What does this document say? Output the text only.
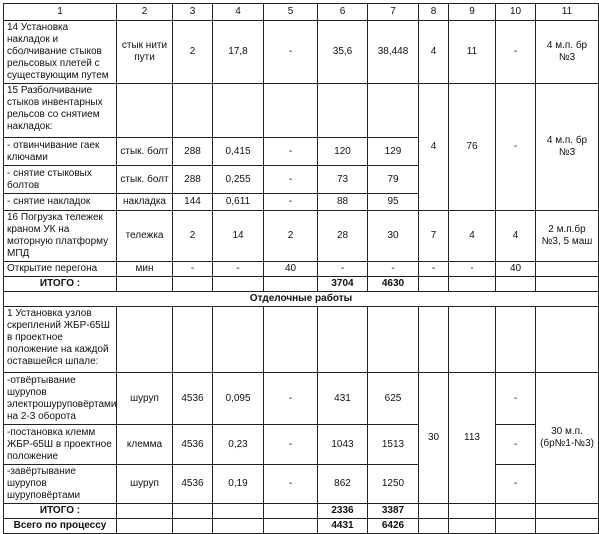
1	2	3	4	5	6	7	8	9	10	11
14 Установка накладок и сболчивание стыков рельсовых плетей с существующим путем	стык нити пути	2	17,8	-	35,6	38,448	4	11	-	4 м.п. бр №3
15 Разболчивание стыков инвентарных рельсов со снятием накладок:							4	76	-	4 м.п. бр №3
- отвинчивание гаек ключами	стык. болт	288	0,415	-	120	129				
- снятие стыковых болтов	стык. болт	288	0,255	-	73	79				
- снятие накладок	накладка	144	0,611	-	88	95				
16 Погрузка тележек краном УК на моторную платформу МПД	тележка	2	14	2	28	30	7	4	4	2 м.п.бр №3, 5 маш
Открытие перегона	мин	-	-	40	-	-	-	-	40	
ИТОГО :					3704	4630				
Отделочные работы										
1 Установка узлов скреплений ЖБР-65Ш в проектное положение на каждой оставшейся шпале:										
-отвёртывание шурупов электрошуруповёртами на 2-3 оборота	шуруп	4536	0,095	-	431	625	30	113	-	30 м.п. (бр№1-№3)
-постановка клемм ЖБР-65Ш в проектное положение	клемма	4536	0,23	-	1043	1513			-	
-завёртывание шурупов шуруповёртами	шуруп	4536	0,19	-	862	1250			-	
ИТОГО :					2336	3387				
Всего по процессу					4431	6426				
